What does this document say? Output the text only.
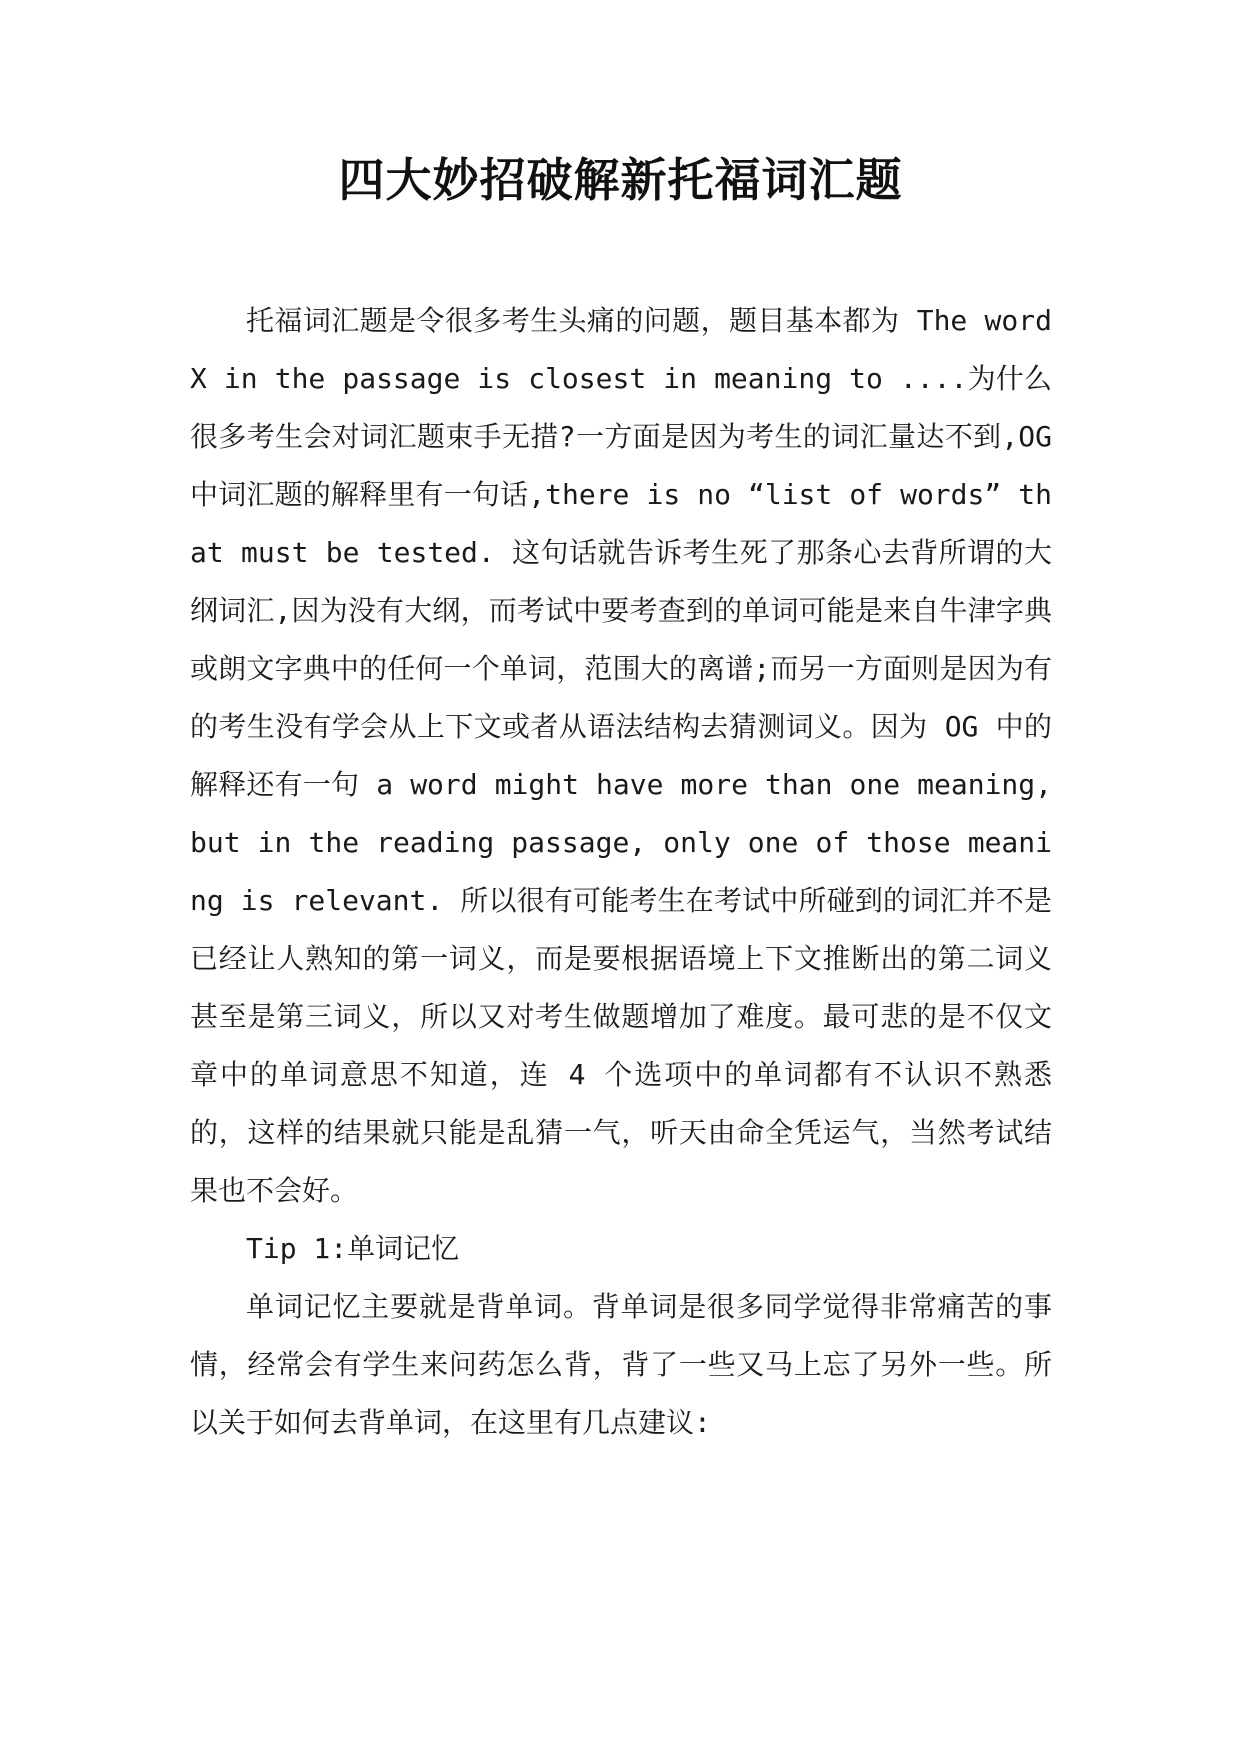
四大妙招破解新托福词汇题

托福词汇题是令很多考生头痛的问题，题目基本都为 The word X in the passage is closest in meaning to ....为什么很多考生会对词汇题束手无措?一方面是因为考生的词汇量达不到,OG 中词汇题的解释里有一句话,there is no “list of words” that must be tested. 这句话就告诉考生死了那条心去背所谓的大纲词汇,因为没有大纲，而考试中要考查到的单词可能是来自牛津字典或朗文字典中的任何一个单词，范围大的离谱;而另一方面则是因为有的考生没有学会从上下文或者从语法结构去猜测词义。因为 OG 中的解释还有一句 a word might have more than one meaning, but in the reading passage, only one of those meaning is relevant. 所以很有可能考生在考试中所碰到的词汇并不是已经让人熟知的第一词义，而是要根据语境上下文推断出的第二词义甚至是第三词义，所以又对考生做题增加了难度。最可悲的是不仅文章中的单词意思不知道，连 4 个选项中的单词都有不认识不熟悉的，这样的结果就只能是乱猜一气，听天由命全凭运气，当然考试结果也不会好。

Tip 1:单词记忆

单词记忆主要就是背单词。背单词是很多同学觉得非常痛苦的事情，经常会有学生来问药怎么背，背了一些又马上忘了另外一些。所以关于如何去背单词，在这里有几点建议:
